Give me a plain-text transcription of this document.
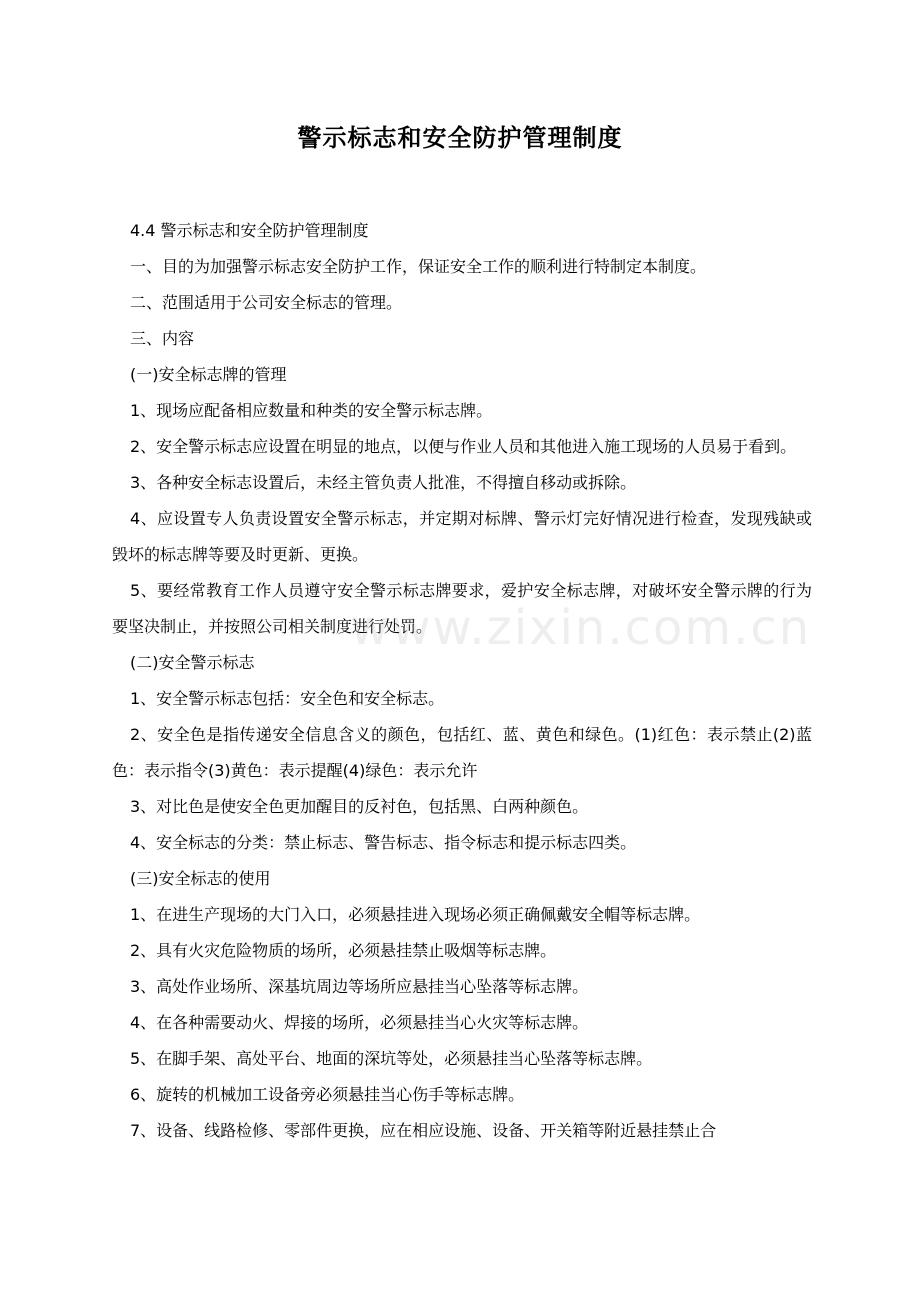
警示标志和安全防护管理制度

4.4 警示标志和安全防护管理制度

一、目的为加强警示标志安全防护工作，保证安全工作的顺利进行特制定本制度。

二、范围适用于公司安全标志的管理。

三、内容

(一)安全标志牌的管理

1、现场应配备相应数量和种类的安全警示标志牌。

2、安全警示标志应设置在明显的地点，以便与作业人员和其他进入施工现场的人员易于看到。

3、各种安全标志设置后，未经主管负责人批准，不得擅自移动或拆除。

4、应设置专人负责设置安全警示标志，并定期对标牌、警示灯完好情况进行检查，发现残缺或毁坏的标志牌等要及时更新、更换。

5、要经常教育工作人员遵守安全警示标志牌要求，爱护安全标志牌，对破坏安全警示牌的行为要坚决制止，并按照公司相关制度进行处罚。

(二)安全警示标志

1、安全警示标志包括：安全色和安全标志。

2、安全色是指传递安全信息含义的颜色，包括红、蓝、黄色和绿色。(1)红色：表示禁止(2)蓝色：表示指令(3)黄色：表示提醒(4)绿色：表示允许

3、对比色是使安全色更加醒目的反衬色，包括黑、白两种颜色。

4、安全标志的分类：禁止标志、警告标志、指令标志和提示标志四类。

(三)安全标志的使用

1、在进生产现场的大门入口，必须悬挂进入现场必须正确佩戴安全帽等标志牌。

2、具有火灾危险物质的场所，必须悬挂禁止吸烟等标志牌。

3、高处作业场所、深基坑周边等场所应悬挂当心坠落等标志牌。

4、在各种需要动火、焊接的场所，必须悬挂当心火灾等标志牌。

5、在脚手架、高处平台、地面的深坑等处，必须悬挂当心坠落等标志牌。

6、旋转的机械加工设备旁必须悬挂当心伤手等标志牌。

7、设备、线路检修、零部件更换，应在相应设施、设备、开关箱等附近悬挂禁止合

www.zixin.com.cn
